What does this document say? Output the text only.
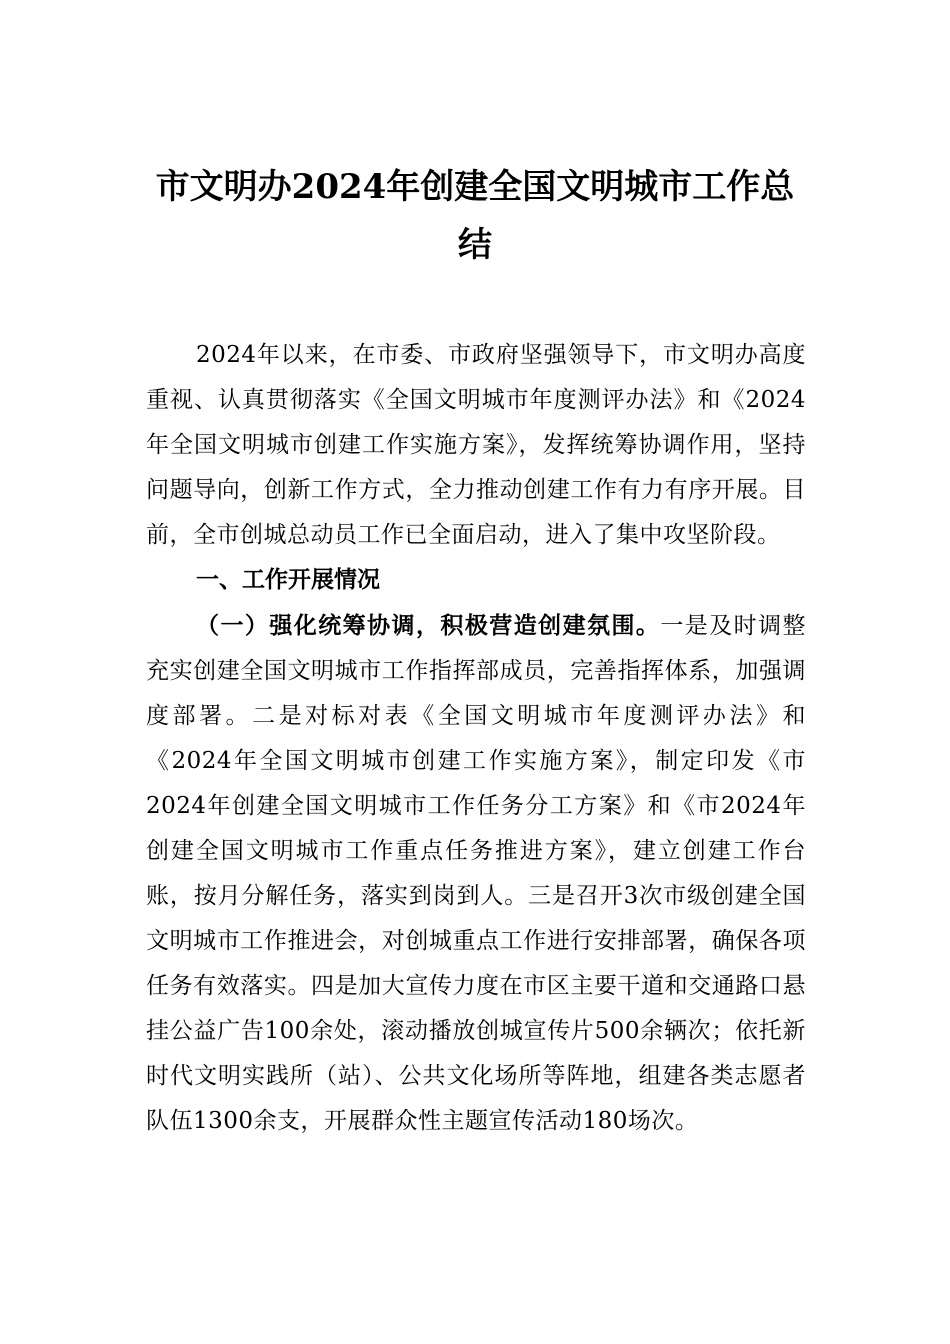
市文明办2024年创建全国文明城市工作总结

2024年以来，在市委、市政府坚强领导下，市文明办高度重视、认真贯彻落实《全国文明城市年度测评办法》和《2024年全国文明城市创建工作实施方案》，发挥统筹协调作用，坚持问题导向，创新工作方式，全力推动创建工作有力有序开展。目前，全市创城总动员工作已全面启动，进入了集中攻坚阶段。

一、工作开展情况

（一）强化统筹协调，积极营造创建氛围。一是及时调整充实创建全国文明城市工作指挥部成员，完善指挥体系，加强调度部署。二是对标对表《全国文明城市年度测评办法》和《2024年全国文明城市创建工作实施方案》，制定印发《市2024年创建全国文明城市工作任务分工方案》和《市2024年创建全国文明城市工作重点任务推进方案》，建立创建工作台账，按月分解任务，落实到岗到人。三是召开3次市级创建全国文明城市工作推进会，对创城重点工作进行安排部署，确保各项任务有效落实。四是加大宣传力度在市区主要干道和交通路口悬挂公益广告100余处，滚动播放创城宣传片500余辆次；依托新时代文明实践所（站）、公共文化场所等阵地，组建各类志愿者队伍1300余支，开展群众性主题宣传活动180场次。
